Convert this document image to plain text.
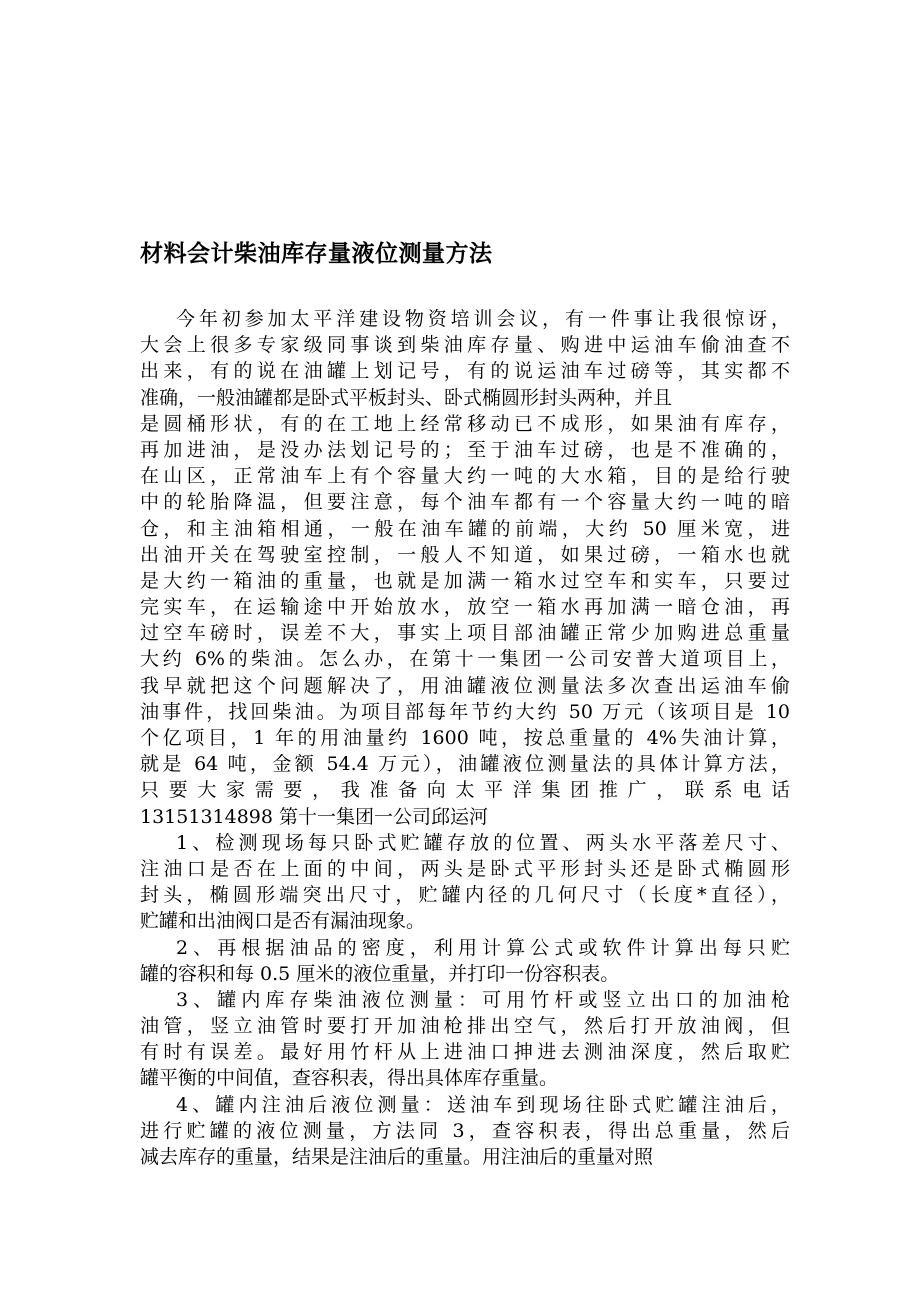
材料会计柴油库存量液位测量方法
今年初参加太平洋建设物资培训会议，有一件事让我很惊讶，
大会上很多专家级同事谈到柴油库存量、购进中运油车偷油查不
出来，有的说在油罐上划记号，有的说运油车过磅等，其实都不
准确，一般油罐都是卧式平板封头、卧式椭圆形封头两种，并且
是圆桶形状，有的在工地上经常移动已不成形，如果油有库存，
再加进油，是没办法划记号的；至于油车过磅，也是不准确的，
在山区，正常油车上有个容量大约一吨的大水箱，目的是给行驶
中的轮胎降温，但要注意，每个油车都有一个容量大约一吨的暗
仓，和主油箱相通，一般在油车罐的前端，大约 50 厘米宽，进
出油开关在驾驶室控制，一般人不知道，如果过磅，一箱水也就
是大约一箱油的重量，也就是加满一箱水过空车和实车，只要过
完实车，在运输途中开始放水，放空一箱水再加满一暗仓油，再
过空车磅时，误差不大，事实上项目部油罐正常少加购进总重量
大约 6%的柴油。怎么办，在第十一集团一公司安普大道项目上，
我早就把这个问题解决了，用油罐液位测量法多次查出运油车偷
油事件，找回柴油。为项目部每年节约大约 50 万元（该项目是 10
个亿项目，1 年的用油量约 1600 吨，按总重量的 4%失油计算，
就是 64 吨，金额 54.4 万元），油罐液位测量法的具体计算方法，
只要大家需要，我准备向太平洋集团推广，联系电话
13151314898 第十一集团一公司邱运河
1、检测现场每只卧式贮罐存放的位置、两头水平落差尺寸、
注油口是否在上面的中间，两头是卧式平形封头还是卧式椭圆形
封头，椭圆形端突出尺寸，贮罐内径的几何尺寸（长度*直径），
贮罐和出油阀口是否有漏油现象。
2、再根据油品的密度，利用计算公式或软件计算出每只贮
罐的容积和每 0.5 厘米的液位重量，并打印一份容积表。
3、罐内库存柴油液位测量：可用竹杆或竖立出口的加油枪
油管，竖立油管时要打开加油枪排出空气，然后打开放油阀，但
有时有误差。最好用竹杆从上进油口抻进去测油深度，然后取贮
罐平衡的中间值，查容积表，得出具体库存重量。
4、罐内注油后液位测量：送油车到现场往卧式贮罐注油后，
进行贮罐的液位测量，方法同 3，查容积表，得出总重量，然后
减去库存的重量，结果是注油后的重量。用注油后的重量对照
